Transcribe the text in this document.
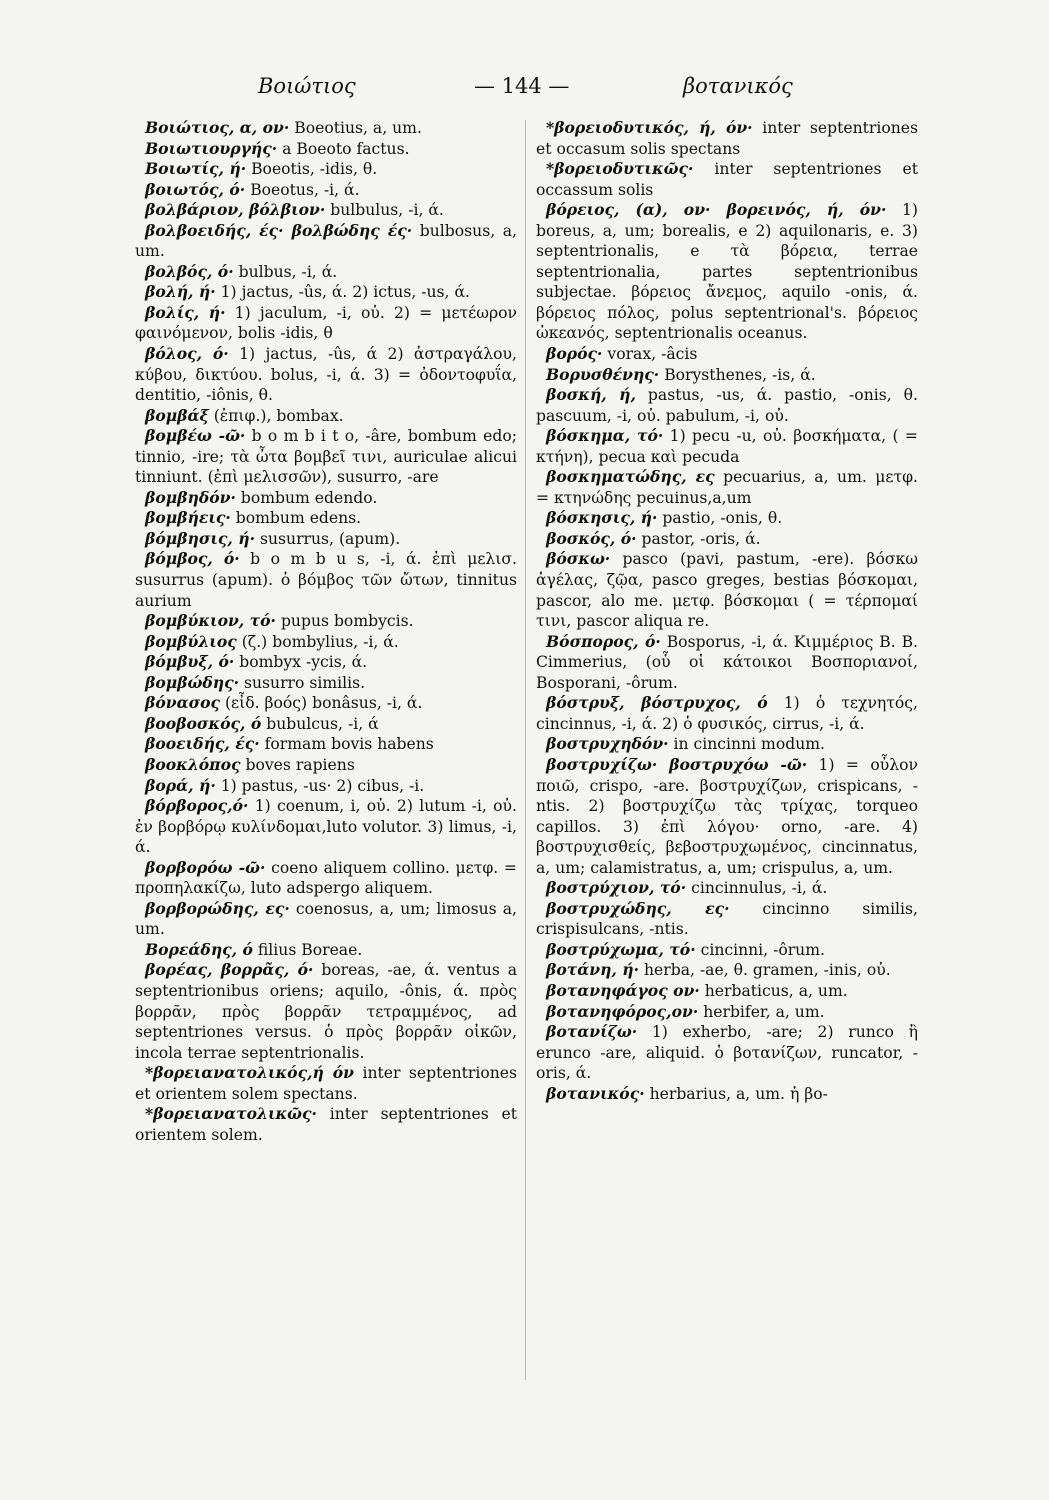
Βοιώτιος	— 144 —	βοτανικός

Βοιώτιος, α, ον· Boeotius, a, um.

Βοιωτιουργής· a Boeoto factus.

Βοιωτίς, ή· Boeotis, -idis, θ.

βοιωτός, ό· Boeotus, -i, ά.

βολβάριον, βόλβιον· bulbulus, -i, ά.

βολβοειδής, ές· βολβώδης ές· bulbosus, a, um.

βολβός, ό· bulbus, -i, ά.

βολή, ή· 1) jactus, -ûs, ά. 2) ictus, -us, ά.

βολίς, ή· 1) jaculum, -i, οὐ. 2) = μετέωρον φαινόμενον, bolis -idis, θ

βόλος, ό· 1) jactus, -ûs, ά 2) ἀστραγάλου, κύβου, δικτύου. bolus, -i, ά. 3) = ὀδοντοφυΐα, dentitio, -iônis, θ.

βομβάξ (ἐπιφ.), bombax.

βομβέω -ῶ· b o m b i t o, -âre, bombum edo; tinnio, -ire; τὰ ὦτα βομβεῖ τινι, auriculae alicui tinniunt. (ἐπὶ μελισσῶν), susurro, -are

βομβηδόν· bombum edendo.

βομβήεις· bombum edens.

βόμβησις, ή· susurrus, (apum).

βόμβος, ό· b o m b u s, -i, ά. ἐπὶ μελισ. susurrus (apum). ὁ βόμβος τῶν ὤτων, tinnitus aurium

βομβύκιον, τό· pupus bombycis.

βομβύλιος (ζ.) bombylius, -i, ά.

βόμβυξ, ό· bombyx -ycis, ά.

βομβώδης· susurro similis.

βόνασος (εἶδ. βοός) bonâsus, -i, ά.

βοοβοσκός, ό bubulcus, -i, ά

βοοειδής, ές· formam bovis habens

βοοκλόπος boves rapiens

βορά, ή· 1) pastus, -us· 2) cibus, -i.

βόρβορος,ό· 1) coenum, i, οὐ. 2) lutum -i, οὐ. ἐν βορβόρῳ κυλίνδομαι,luto volutor. 3) limus, -i, ά.

βορβορόω -ῶ· coeno aliquem collino. μετφ. = προπηλακίζω, luto adspergo aliquem.

βορβορώδης, ες· coenosus, a, um; limosus a, um.

Βορεάδης, ό filius Boreae.

βορέας, βορρᾶς, ό· boreas, -ae, ά. ventus a septentrionibus oriens; aquilo, -ônis, ά. πρὸς βορρᾶν, πρὸς βορρᾶν τετραμμένος, ad septentriones versus. ὁ πρὸς βορρᾶν οἰκῶν, incola terrae septentrionalis.

*βορειανατολικός,ή όν inter septentriones et orientem solem spectans.

*βορειανατολικῶς· inter septentriones et orientem solem.

*βορειοδυτικός, ή, όν· inter septentriones et occasum solis spectans

*βορειοδυτικῶς· inter septentriones et occassum solis

βόρειος, (α), ον· βορεινός, ή, όν· 1) boreus, a, um; borealis, e 2) aquilonaris, e. 3) septentrionalis, e τὰ βόρεια, terrae septentrionalia, partes septentrionibus subjectae. βόρειος ἄνεμος, aquilo -onis, ά. βόρειος πόλος, polus septentrional's. βόρειος ὠκεανός, septentrionalis oceanus.

βορός· vorax, -âcis

Βορυσθένης· Borysthenes, -is, ά.

βοσκή, ή, pastus, -us, ά. pastio, -onis, θ. pascuum, -i, οὐ. pabulum, -i, οὐ.

βόσκημα, τό· 1) pecu -u, οὐ. βοσκήματα, ( = κτήνη), pecua καὶ pecuda

βοσκηματώδης, ες pecuarius, a, um. μετφ. = κτηνώδης pecuinus,a,um

βόσκησις, ή· pastio, -onis, θ.

βοσκός, ό· pastor, -oris, ά.

βόσκω· pasco (pavi, pastum, -ere). βόσκω ἀγέλας, ζῷα, pasco greges, bestias βόσκομαι, pascor, alo me. μετφ. βόσκομαι ( = τέρπομαί τινι, pascor aliqua re.

Βόσπορος, ό· Bosporus, -i, ά. Κιμμέριος Β. Β. Cimmerius, (οὗ οἱ κάτοικοι Βοσποριανοί, Bosporani, -ôrum.

βόστρυξ, βόστρυχος, ό 1) ὁ τεχνητός, cincinnus, -i, ά. 2) ὁ φυσικός, cirrus, -i, ά.

βοστρυχηδόν· in cincinni modum.

βοστρυχίζω· βοστρυχόω -ῶ· 1) = οὖλον ποιῶ, crispo, -are. βοστρυχίζων, crispicans, -ntis. 2) βοστρυχίζω τὰς τρίχας, torqueo capillos. 3) ἐπὶ λόγου· orno, -are. 4) βοστρυχισθείς, βεβοστρυχωμένος, cincinnatus, a, um; calamistratus, a, um; crispulus, a, um.

βοστρύχιον, τό· cincinnulus, -i, ά.

βοστρυχώδης, ες· cincinno similis, crispisulcans, -ntis.

βοστρύχωμα, τό· cincinni, -ôrum.

βοτάνη, ή· herba, -ae, θ. gramen, -inis, οὐ.

βοτανηφάγος ον· herbaticus, a, um.

βοτανηφόρος,ον· herbifer, a, um.

βοτανίζω· 1) exherbo, -are; 2) runco ἢ erunco -are, aliquid. ὁ βοτανίζων, runcator, -oris, ά.

βοτανικός· herbarius, a, um. ἡ βο-
